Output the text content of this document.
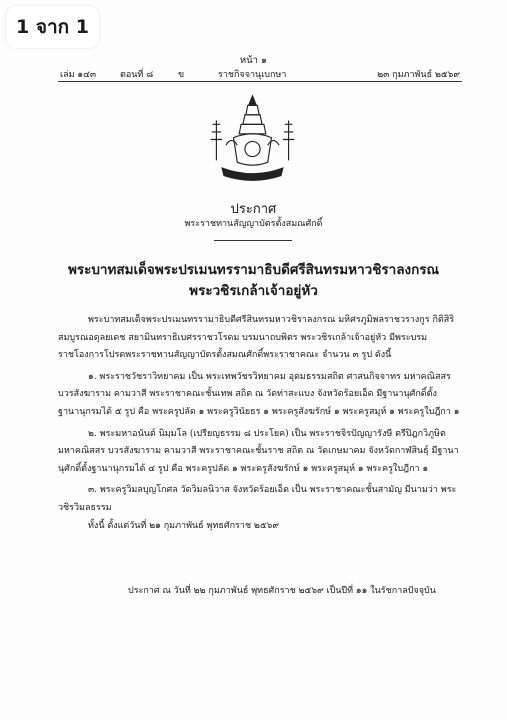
1 จาก 1
หน้า ๑
เล่ม ๑๔๓	ตอนที่ ๘	ข	ราชกิจจานุเบกษา	๒๓ กุมภาพันธ์ ๒๕๖๙
ประกาศ
พระราชทานสัญญาบัตรตั้งสมณศักดิ์
พระบาทสมเด็จพระปรเมนทรรามาธิบดีศรีสินทรมหาวชิราลงกรณ
พระวชิรเกล้าเจ้าอยู่หัว

พระบาทสมเด็จพระปรเมนทรรามาธิบดีศรีสินทรมหาวชิราลงกรณ มหิศรภูมิพลราชวรางกูร กิติสิริสมบูรณอดุลยเดช สยามินทราธิเบศรราชวโรดม บรมนาถบพิตร พระวชิรเกล้าเจ้าอยู่หัว มีพระบรมราชโองการโปรดพระราชทานสัญญาบัตรตั้งสมณศักดิ์พระราชาคณะ จำนวน ๓ รูป ดังนี้

๑. พระราชวัชราวิทยาคม เป็น พระเทพวัชรวิทยาคม อุดมธรรมสถิต ศาสนกิจจาทร มหาคณิสสร บวรสังฆาราม คามวาสี พระราชาคณะชั้นเทพ สถิต ณ วัดท่าสะแบง จังหวัดร้อยเอ็ด มีฐานานุศักดิ์ตั้งฐานานุกรมได้ ๕ รูป คือ พระครูปลัด ๑ พระครูวินัยธร ๑ พระครูสังฆรักษ์ ๑ พระครูสมุห์ ๑ พระครูใบฎีกา ๑

๒. พระมหาอนันต์ นิมฺมโล (เปรียญธรรม ๘ ประโยค) เป็น พระราชจิรปัญญารังษี ตรีปิฎกวิภูษิต มหาคณิสสร บวรสังฆาราม คามวาสี พระราชาคณะชั้นราช สถิต ณ วัดเกษมาคม จังหวัดกาฬสินธุ์ มีฐานานุศักดิ์ตั้งฐานานุกรมได้ ๔ รูป คือ พระครูปลัด ๑ พระครูสังฆรักษ์ ๑ พระครูสมุห์ ๑ พระครูใบฎีกา ๑

๓. พระครูวิมลบุญโกศล วัดวิมลนิวาส จังหวัดร้อยเอ็ด เป็น พระราชาคณะชั้นสามัญ มีนามว่า พระวชิรวิมลธรรม

ทั้งนี้ ตั้งแต่วันที่ ๒๑ กุมภาพันธ์ พุทธศักราช ๒๕๖๙

ประกาศ ณ วันที่ ๒๒ กุมภาพันธ์ พุทธศักราช ๒๕๖๙ เป็นปีที่ ๑๑ ในรัชกาลปัจจุบัน
